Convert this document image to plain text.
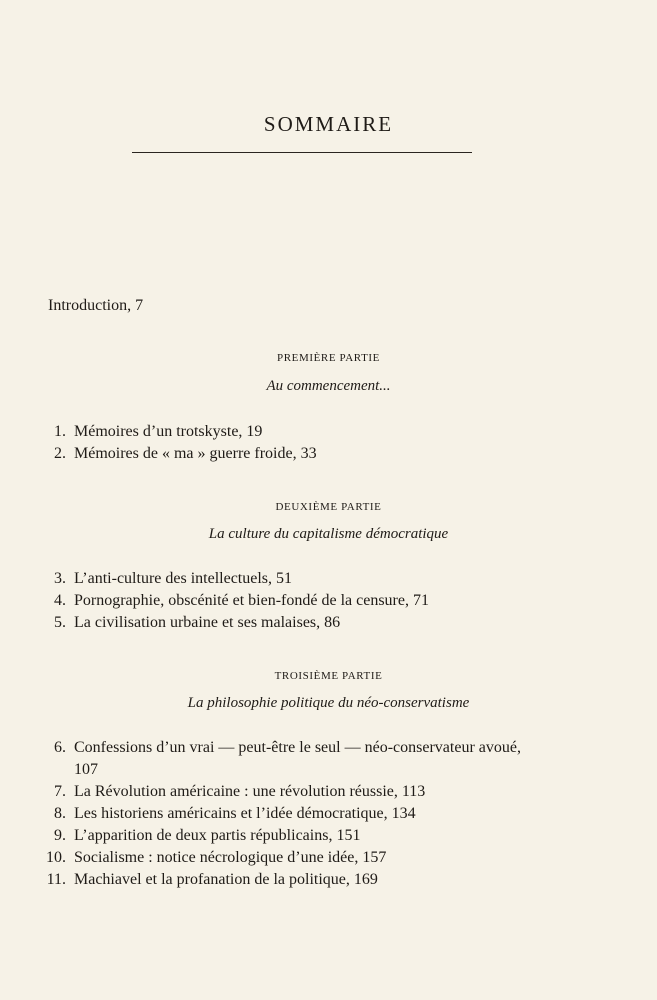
SOMMAIRE
Introduction, 7
PREMIÈRE PARTIE
Au commencement...
1. Mémoires d’un trotskyste, 19
2. Mémoires de « ma » guerre froide, 33
DEUXIÈME PARTIE
La culture du capitalisme démocratique
3. L’anti-culture des intellectuels, 51
4. Pornographie, obscénité et bien-fondé de la censure, 71
5. La civilisation urbaine et ses malaises, 86
TROISIÈME PARTIE
La philosophie politique du néo-conservatisme
6. Confessions d’un vrai — peut-être le seul — néo-conservateur avoué,
107
7. La Révolution américaine : une révolution réussie, 113
8. Les historiens américains et l’idée démocratique, 134
9. L’apparition de deux partis républicains, 151
10. Socialisme : notice nécrologique d’une idée, 157
11. Machiavel et la profanation de la politique, 169
